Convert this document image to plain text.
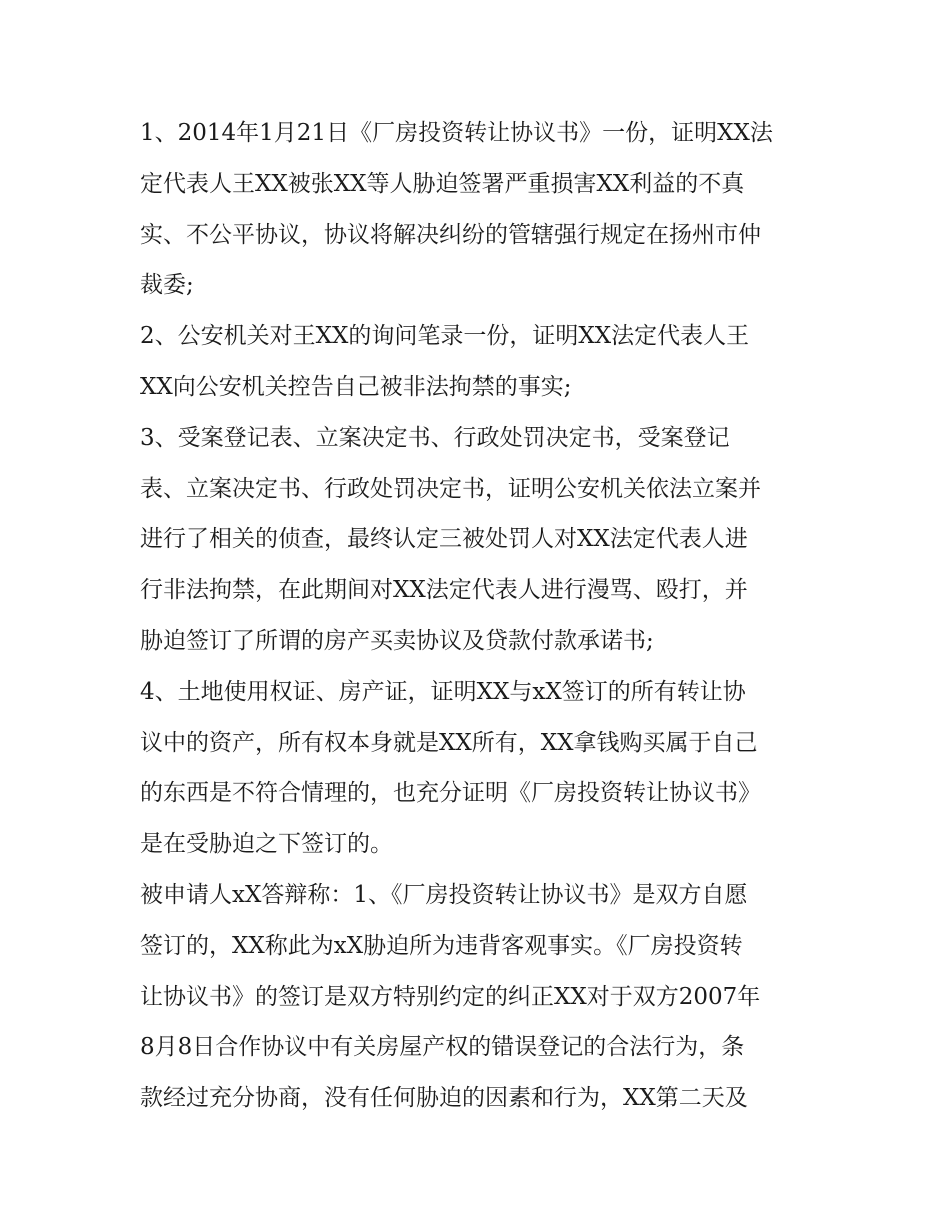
1、2014年1月21日《厂房投资转让协议书》一份，证明XX法
定代表人王XX被张XX等人胁迫签署严重损害XX利益的不真
实、不公平协议，协议将解决纠纷的管辖强行规定在扬州市仲
裁委;
2、公安机关对王XX的询问笔录一份，证明XX法定代表人王
XX向公安机关控告自己被非法拘禁的事实;
3、受案登记表、立案决定书、行政处罚决定书，受案登记
表、立案决定书、行政处罚决定书，证明公安机关依法立案并
进行了相关的侦查，最终认定三被处罚人对XX法定代表人进
行非法拘禁，在此期间对XX法定代表人进行漫骂、殴打，并
胁迫签订了所谓的房产买卖协议及贷款付款承诺书;
4、土地使用权证、房产证，证明XX与xX签订的所有转让协
议中的资产，所有权本身就是XX所有，XX拿钱购买属于自己
的东西是不符合情理的，也充分证明《厂房投资转让协议书》
是在受胁迫之下签订的。
被申请人xX答辩称：1、《厂房投资转让协议书》是双方自愿
签订的，XX称此为xX胁迫所为违背客观事实。《厂房投资转
让协议书》的签订是双方特别约定的纠正XX对于双方2007年
8月8日合作协议中有关房屋产权的错误登记的合法行为，条
款经过充分协商，没有任何胁迫的因素和行为，XX第二天及
